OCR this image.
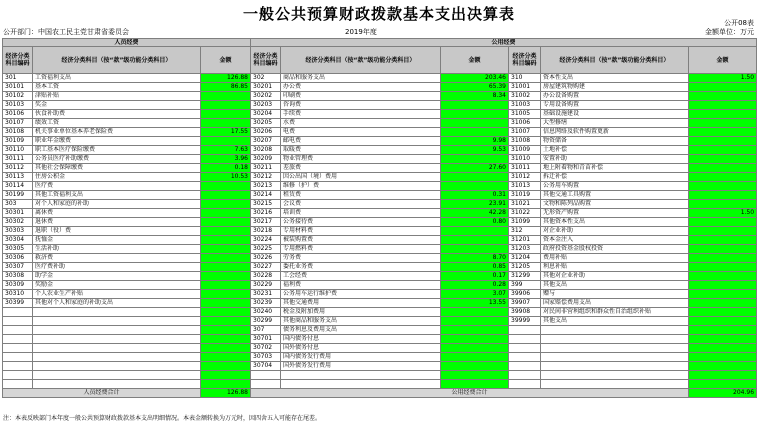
一般公共预算财政拨款基本支出决算表	公开08表
公开部门：中国农工民主党甘肃省委员会	2019年度	金额单位：万元
人员经费			公用经费					
经济分类科目编码	经济分类科目（按“款”级功能分类科目）	金额	经济分类科目编码	经济分类科目（按“款”级功能分类科目）	金额	经济分类科目编码	经济分类科目（按“款”级功能分类科目）	金额
301	工资福利支出	126.88	302	商品和服务支出	203.46	310	资本性支出	1.50
30101	基本工资	86.85	30201	办公费	65.39	31001	房屋建筑物购建	
30102	津贴补贴		30202	印刷费	8.34	31002	办公设备购置	
30103	奖金		30203	咨询费		31003	专用设备购置	
30106	伙食补助费		30204	手续费		31005	基础设施建设	
30107	绩效工资		30205	水费		31006	大型修缮	
30108	机关事业单位基本养老保险费	17.55	30206	电费		31007	信息网络及软件购置更新	
30109	职业年金缴费		30207	邮电费	9.98	31008	物资储备	
30110	职工基本医疗保险缴费	7.63	30208	取暖费	9.53	31009	土地补偿	
30111	公务员医疗补助缴费	3.96	30209	物业管理费		31010	安置补助	
30112	其他社会保障缴费	0.18	30211	差旅费	27.60	31011	地上附着物和青苗补偿	
30113	住房公积金	10.53	30212	因公出国（境）费用		31012	拆迁补偿	
30114	医疗费		30213	维修（护）费		31013	公务用车购置	
30199	其他工资福利支出		30214	租赁费	0.31	31019	其他交通工具购置	
303	对个人和家庭的补助		30215	会议费	23.91	31021	文物和陈列品购置	
30301	离休费		30216	培训费	42.28	31022	无形资产购置	1.50
30302	退休费		30217	公务接待费	0.80	31099	其他资本性支出	
30303	退职（役）费		30218	专用材料费		312	对企业补助	
30304	抚恤金		30224	被装购置费		31201	资本金注入	
30305	生活补助		30225	专用燃料费		31203	政府投资基金股权投资	
30306	救济费		30226	劳务费	8.70	31204	费用补贴	
30307	医疗费补助		30227	委托业务费	0.85	31205	利息补贴	
30308	助学金		30228	工会经费	0.17	31299	其他对企业补助	
30309	奖励金		30229	福利费	0.28	399	其他支出	
30310	个人农业生产补贴		30231	公务用车运行维护费	3.07	39906	赠与	
30399	其他对个人和家庭的补助支出		30239	其他交通费用	13.55	39907	国家赔偿费用支出	
			30240	税金及附加费用		39908	对民间非营利组织和群众性自治组织补贴	
			30299	其他商品和服务支出		39999	其他支出	
			307	债务利息及费用支出				
			30701	国内债务付息				
			30702	国外债务付息				
			30703	国内债务发行费用				
			30704	国外债务发行费用				

人员经费合计		126.88	公用经费合计					204.96
注：本表反映部门本年度一般公共预算财政拨款基本支出明细情况。本表金额转换为万元时，因四舍五入可能存在尾差。
